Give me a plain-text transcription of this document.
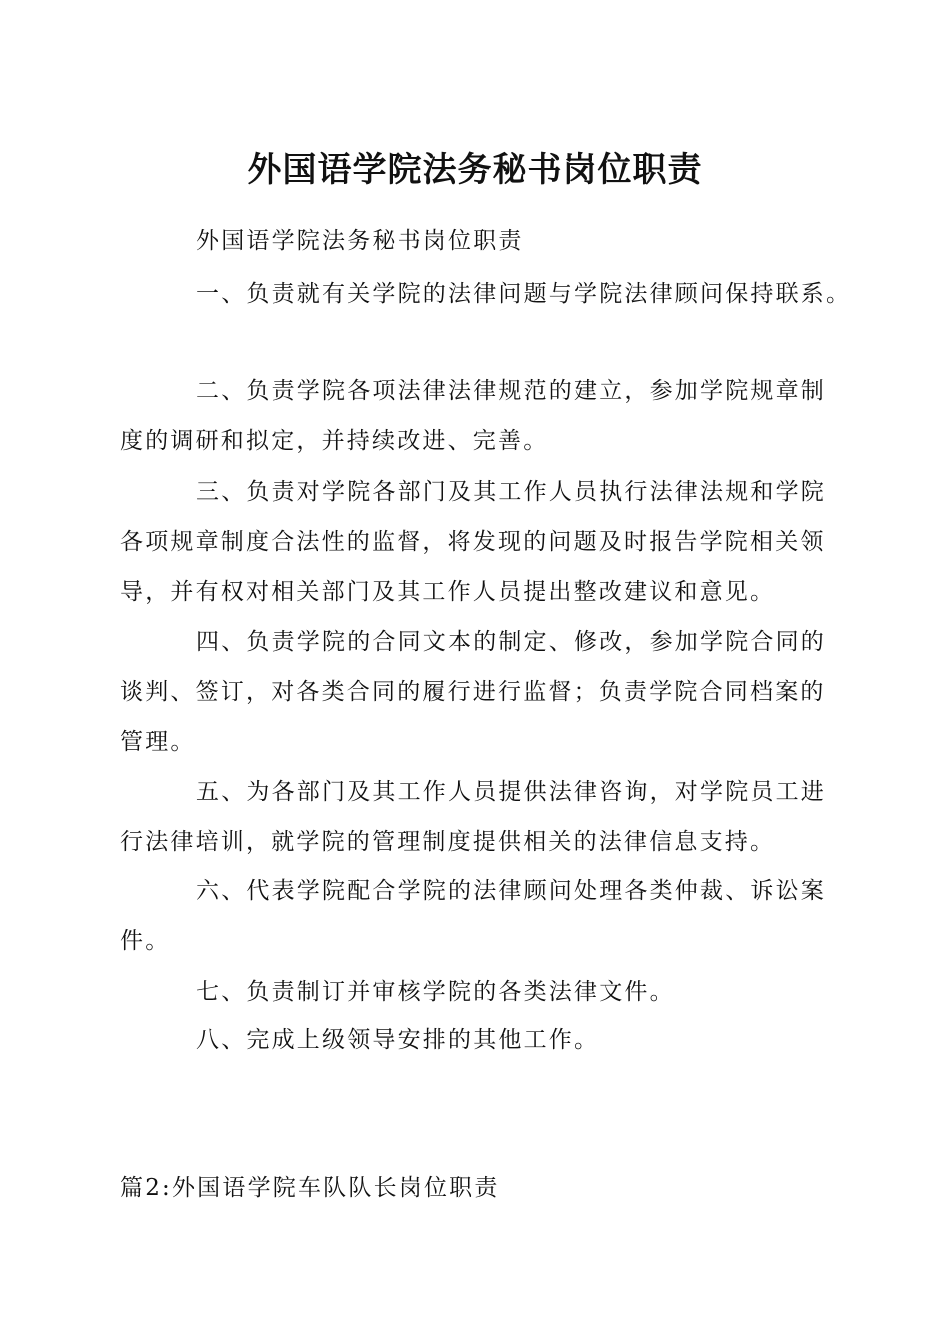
外国语学院法务秘书岗位职责

外国语学院法务秘书岗位职责

一、负责就有关学院的法律问题与学院法律顾问保持联系。

二、负责学院各项法律法律规范的建立，参加学院规章制度的调研和拟定，并持续改进、完善。

三、负责对学院各部门及其工作人员执行法律法规和学院各项规章制度合法性的监督，将发现的问题及时报告学院相关领导，并有权对相关部门及其工作人员提出整改建议和意见。

四、负责学院的合同文本的制定、修改，参加学院合同的谈判、签订，对各类合同的履行进行监督；负责学院合同档案的管理。

五、为各部门及其工作人员提供法律咨询，对学院员工进行法律培训，就学院的管理制度提供相关的法律信息支持。

六、代表学院配合学院的法律顾问处理各类仲裁、诉讼案件。

七、负责制订并审核学院的各类法律文件。

八、完成上级领导安排的其他工作。

篇2:外国语学院车队队长岗位职责
